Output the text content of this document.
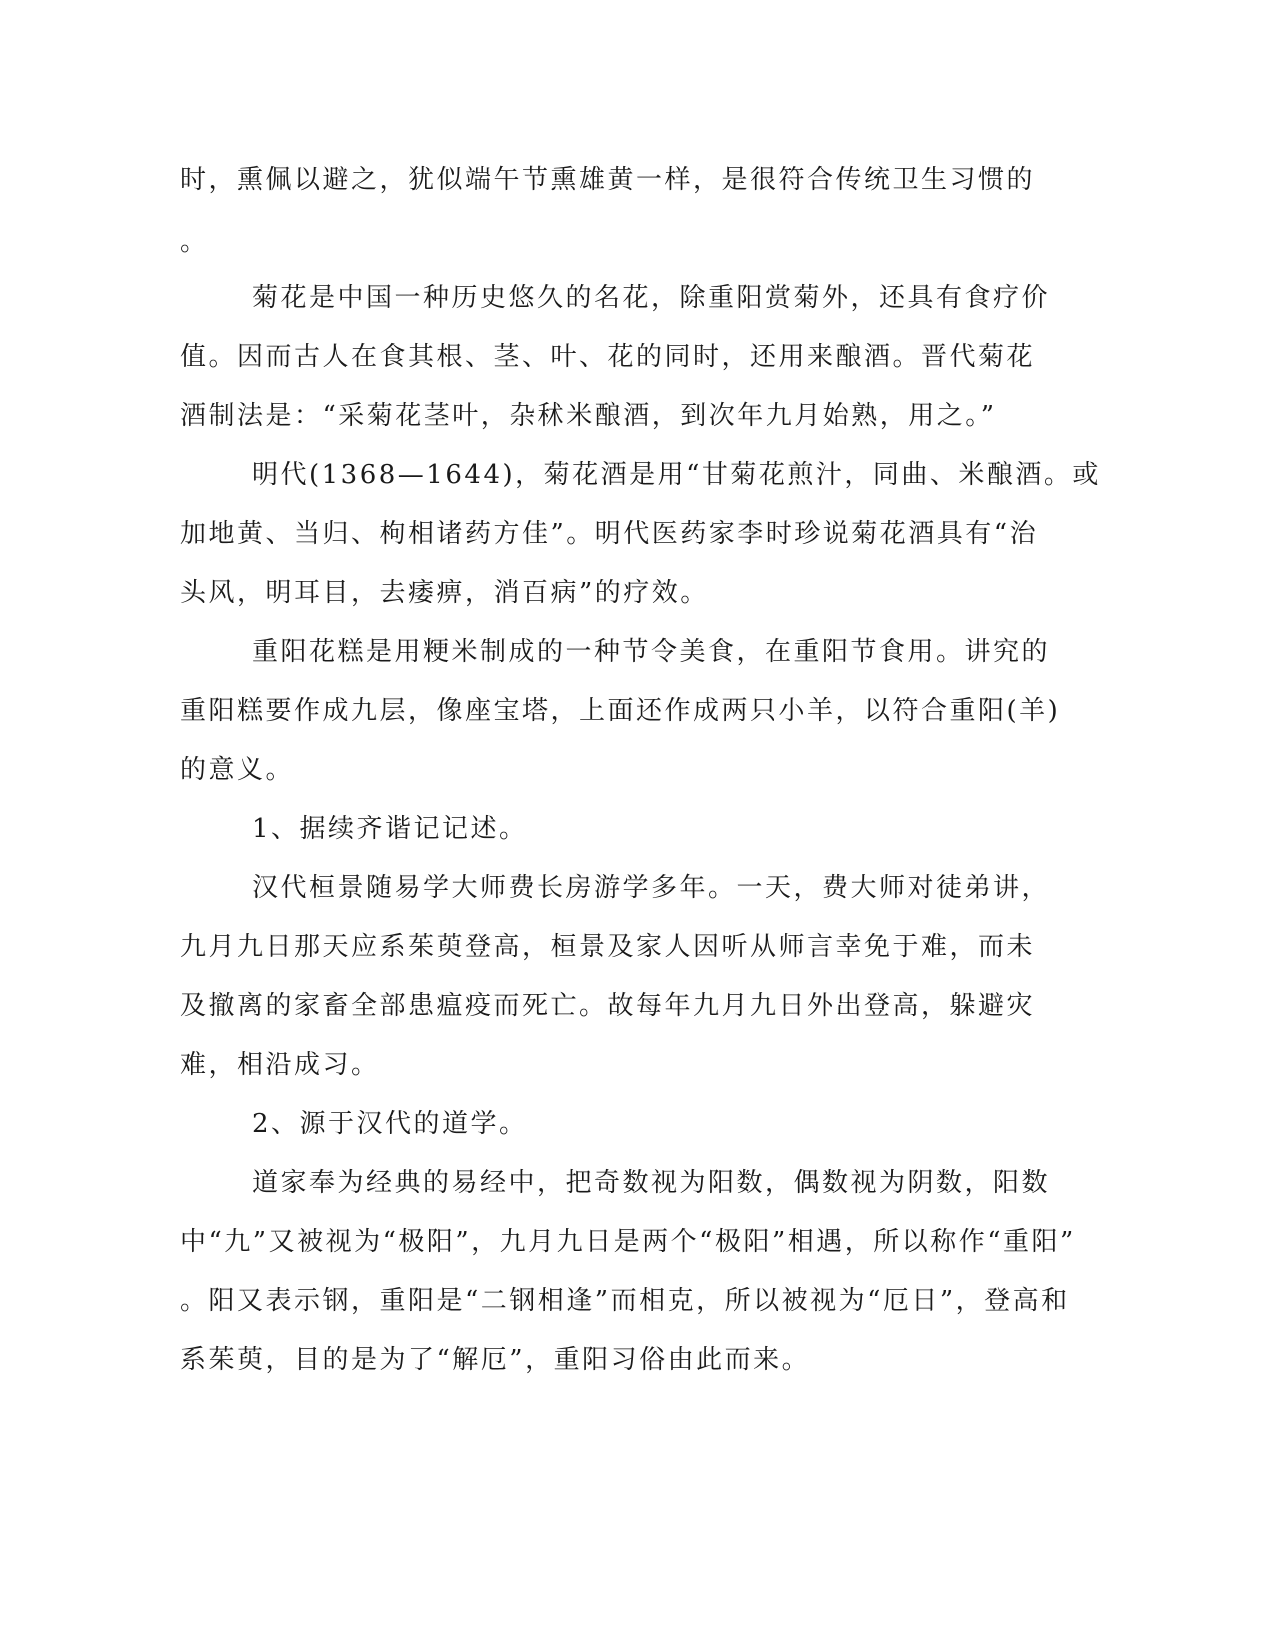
时，熏佩以避之，犹似端午节熏雄黄一样，是很符合传统卫生习惯的
。
菊花是中国一种历史悠久的名花，除重阳赏菊外，还具有食疗价
值。因而古人在食其根、茎、叶、花的同时，还用来酿酒。晋代菊花
酒制法是：“采菊花茎叶，杂秫米酿酒，到次年九月始熟，用之。”
明代(1368—1644)，菊花酒是用“甘菊花煎汁，同曲、米酿酒。或
加地黄、当归、枸相诸药方佳”。明代医药家李时珍说菊花酒具有“治
头风，明耳目，去痿痹，消百病”的疗效。
重阳花糕是用粳米制成的一种节令美食，在重阳节食用。讲究的
重阳糕要作成九层，像座宝塔，上面还作成两只小羊，以符合重阳(羊)
的意义。
1、据续齐谐记记述。
汉代桓景随易学大师费长房游学多年。一天，费大师对徒弟讲，
九月九日那天应系茱萸登高，桓景及家人因听从师言幸免于难，而未
及撤离的家畜全部患瘟疫而死亡。故每年九月九日外出登高，躲避灾
难，相沿成习。
2、源于汉代的道学。
道家奉为经典的易经中，把奇数视为阳数，偶数视为阴数，阳数
中“九”又被视为“极阳”，九月九日是两个“极阳”相遇，所以称作“重阳”
。阳又表示钢，重阳是“二钢相逢”而相克，所以被视为“厄日”，登高和
系茱萸，目的是为了“解厄”，重阳习俗由此而来。
